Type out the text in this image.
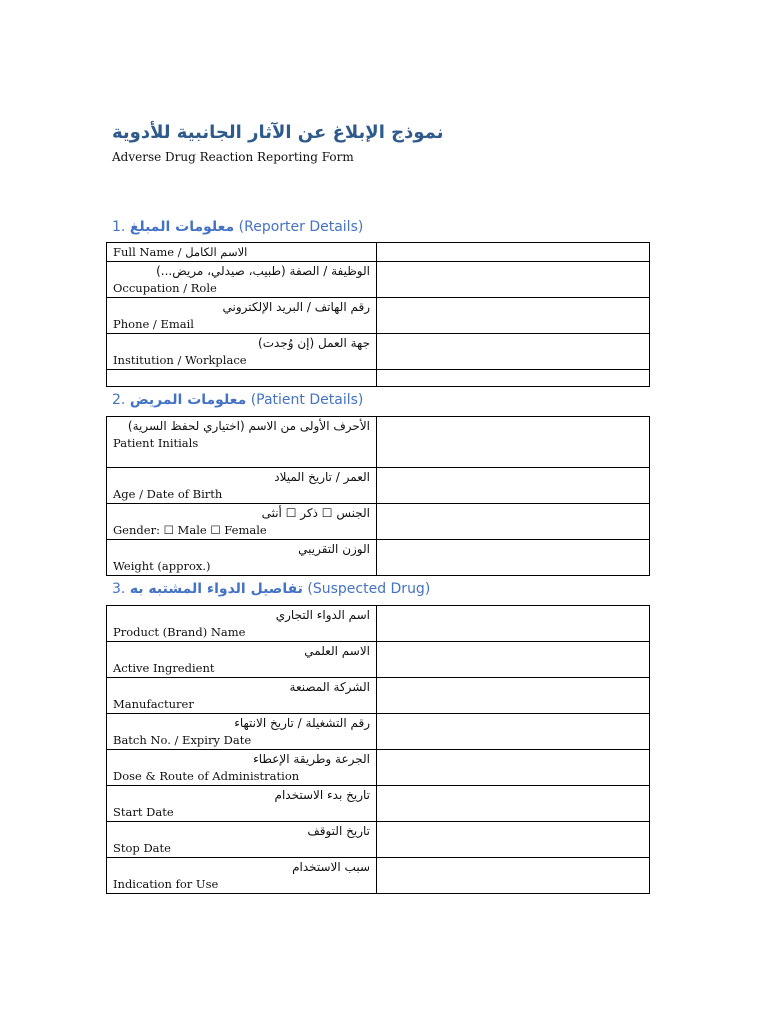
نموذج الإبلاغ عن الآثار الجانبية للأدوية
Adverse Drug Reaction Reporting Form
1. معلومات المبلغ (Reporter Details)
الاسم الكامل / Full Name	

الوظيفة / الصفة (طبيب، صيدلي، مريض...)
Occupation / Role	

رقم الهاتف / البريد الإلكتروني
Phone / Email	

جهة العمل (إن وُجدت)
Institution / Workplace	

2. معلومات المريض (Patient Details)
الأحرف الأولى من الاسم (اختياري لحفظ السرية)
Patient Initials	

العمر / تاريخ الميلاد
Age / Date of Birth	

الجنس ☐ ذكر ☐ أنثى
Gender: ☐ Male ☐ Female	

الوزن التقريبي
Weight (approx.)	

3. تفاصيل الدواء المشتبه به (Suspected Drug)
اسم الدواء التجاري
Product (Brand) Name	

الاسم العلمي
Active Ingredient	

الشركة المصنعة
Manufacturer	

رقم التشغيلة / تاريخ الانتهاء
Batch No. / Expiry Date	

الجرعة وطريقة الإعطاء
Dose & Route of Administration	

تاريخ بدء الاستخدام
Start Date	

تاريخ التوقف
Stop Date	

سبب الاستخدام
Indication for Use	
